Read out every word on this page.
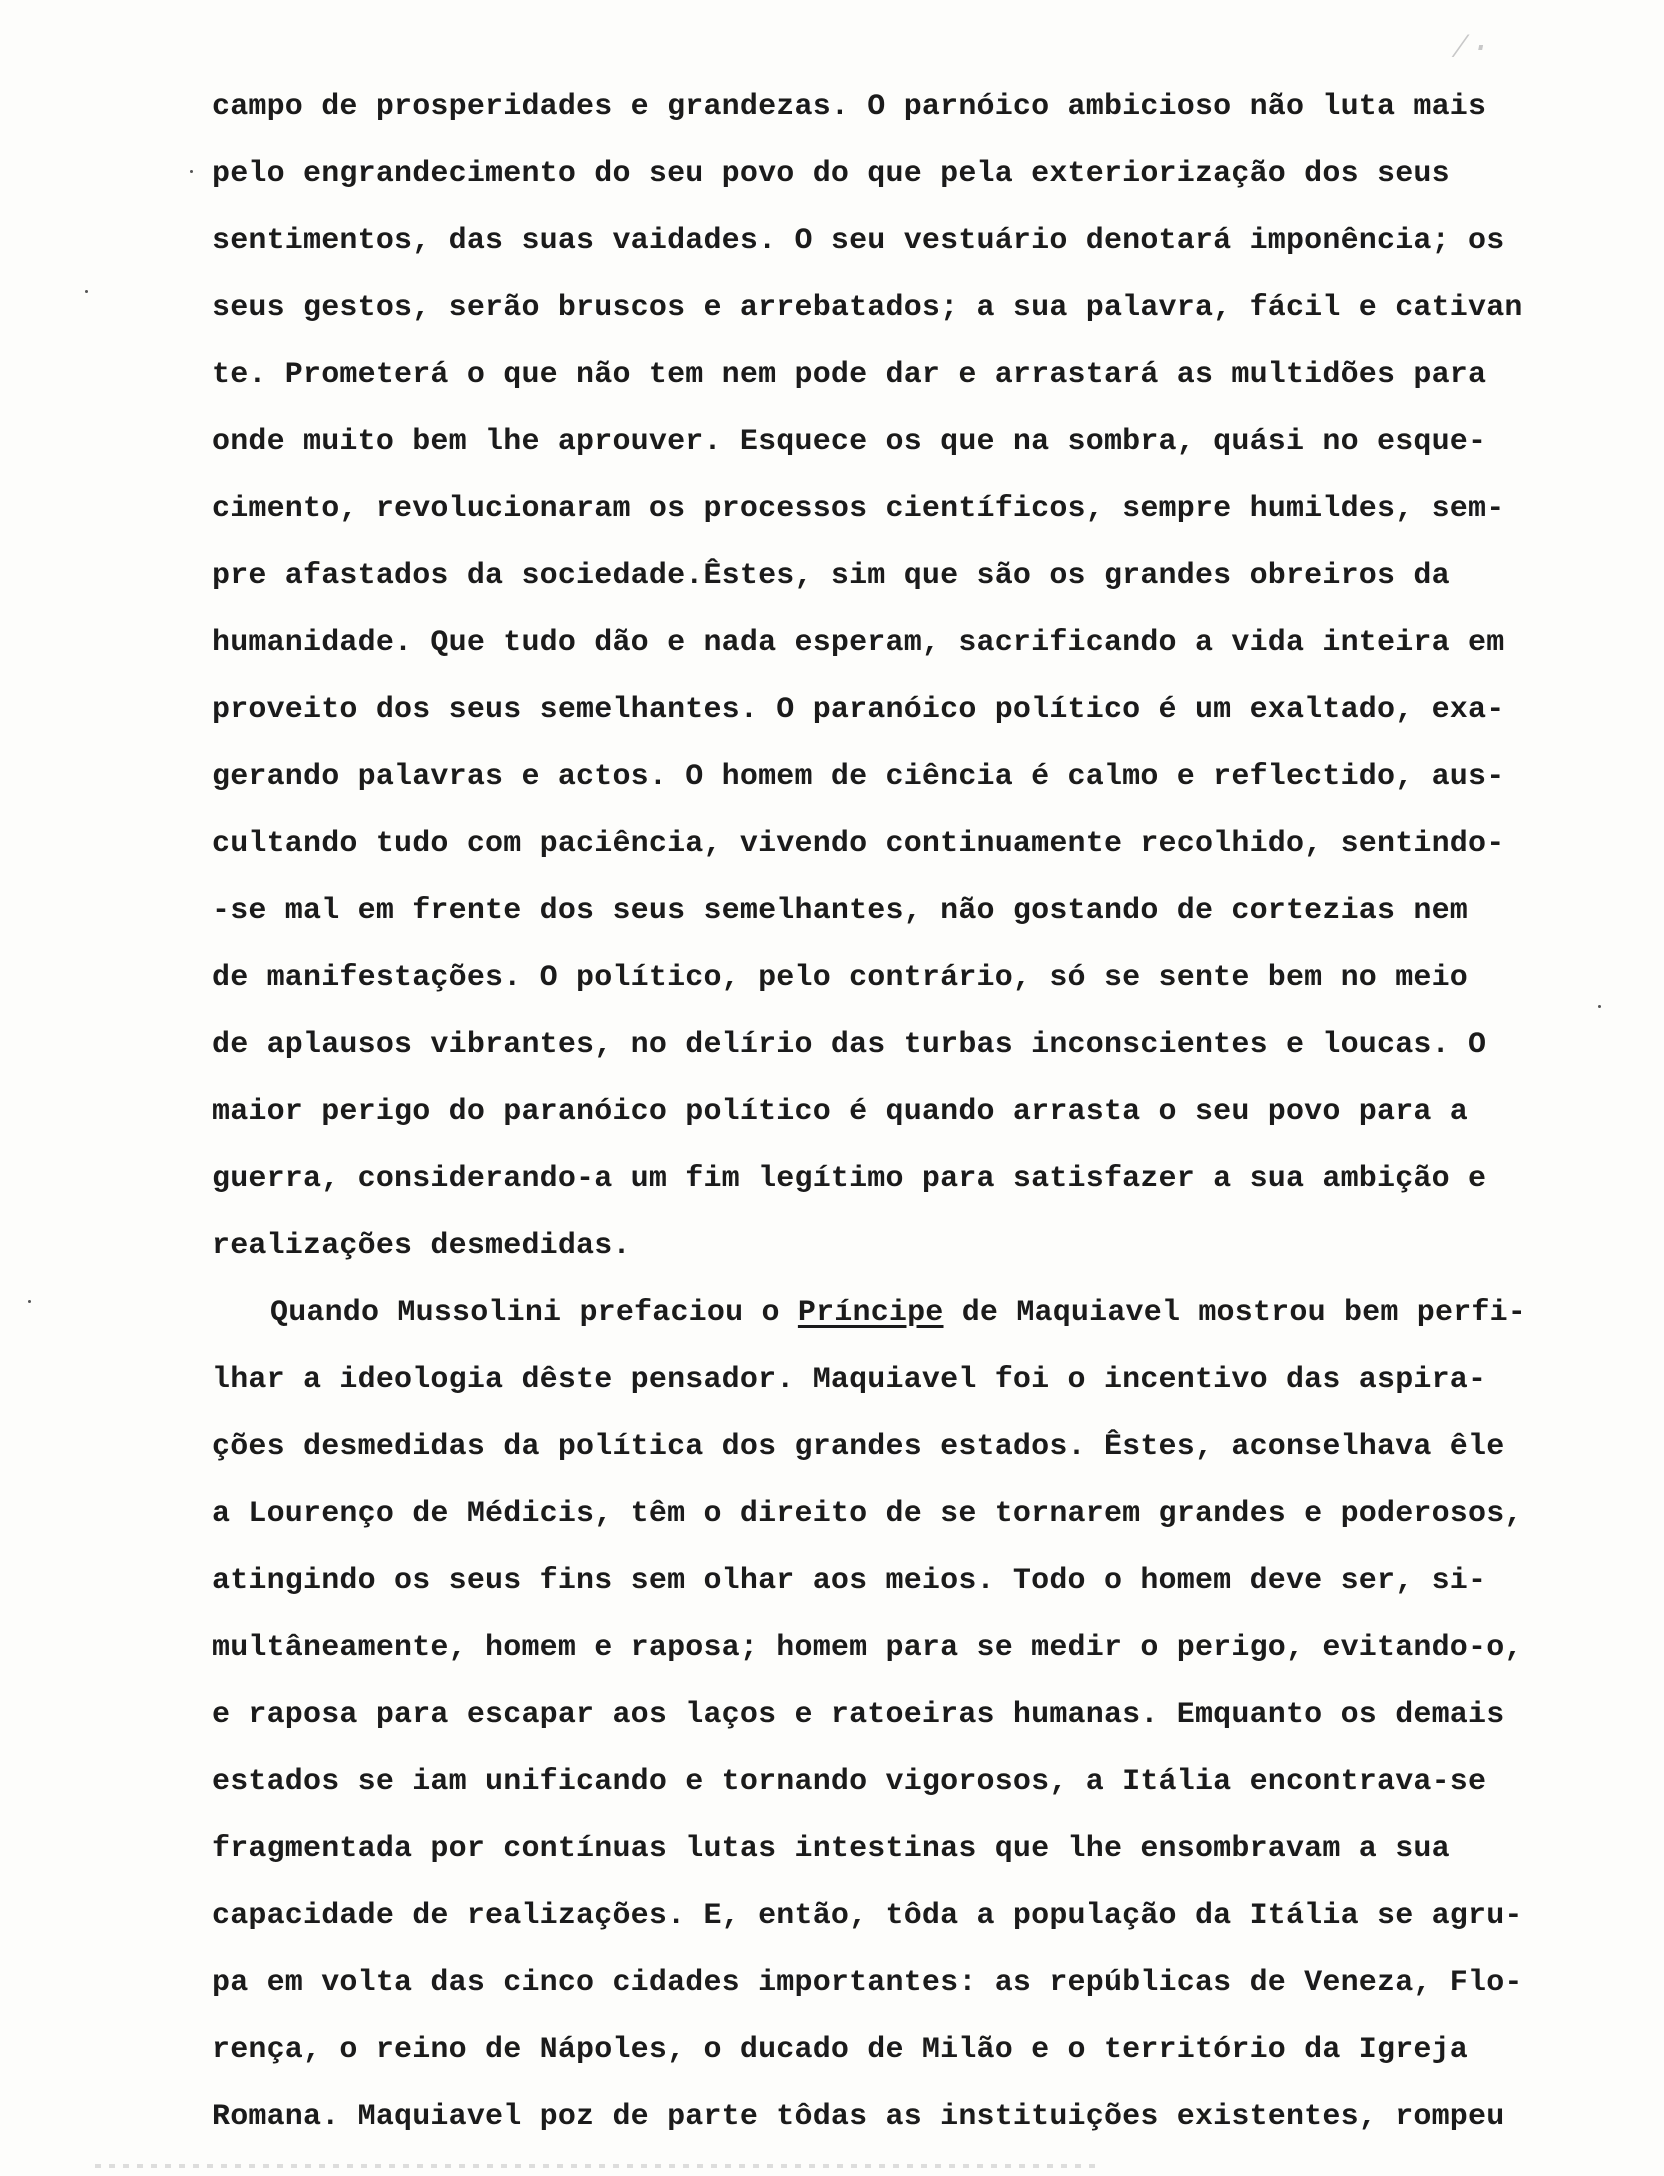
⁄·
campo de prosperidades e grandezas. O parnóico ambicioso não luta mais
pelo engrandecimento do seu povo do que pela exteriorização dos seus
sentimentos, das suas vaidades. O seu vestuário denotará imponência; os
seus gestos, serão bruscos e arrebatados; a sua palavra, fácil e cativan
te. Prometerá o que não tem nem pode dar e arrastará as multidões para
onde muito bem lhe aprouver. Esquece os que na sombra, quási no esque-
cimento, revolucionaram os processos científicos, sempre humildes, sem-
pre afastados da sociedade.Êstes, sim que são os grandes obreiros da
humanidade. Que tudo dão e nada esperam, sacrificando a vida inteira em
proveito dos seus semelhantes. O paranóico político é um exaltado, exa-
gerando palavras e actos. O homem de ciência é calmo e reflectido, aus-
cultando tudo com paciência, vivendo continuamente recolhido, sentindo-
-se mal em frente dos seus semelhantes, não gostando de cortezias nem
de manifestações. O político, pelo contrário, só se sente bem no meio
de aplausos vibrantes, no delírio das turbas inconscientes e loucas. O
maior perigo do paranóico político é quando arrasta o seu povo para a
guerra, considerando-a um fim legítimo para satisfazer a sua ambição e
realizações desmedidas.
Quando Mussolini prefaciou o Príncipe de Maquiavel mostrou bem perfi-
lhar a ideologia dêste pensador. Maquiavel foi o incentivo das aspira-
ções desmedidas da política dos grandes estados. Êstes, aconselhava êle
a Lourenço de Médicis, têm o direito de se tornarem grandes e poderosos,
atingindo os seus fins sem olhar aos meios. Todo o homem deve ser, si-
multâneamente, homem e raposa; homem para se medir o perigo, evitando-o,
e raposa para escapar aos laços e ratoeiras humanas. Emquanto os demais
estados se iam unificando e tornando vigorosos, a Itália encontrava-se
fragmentada por contínuas lutas intestinas que lhe ensombravam a sua
capacidade de realizações. E, então, tôda a população da Itália se agru-
pa em volta das cinco cidades importantes: as repúblicas de Veneza, Flo-
rença, o reino de Nápoles, o ducado de Milão e o território da Igreja
Romana. Maquiavel poz de parte tôdas as instituições existentes, rompeu
